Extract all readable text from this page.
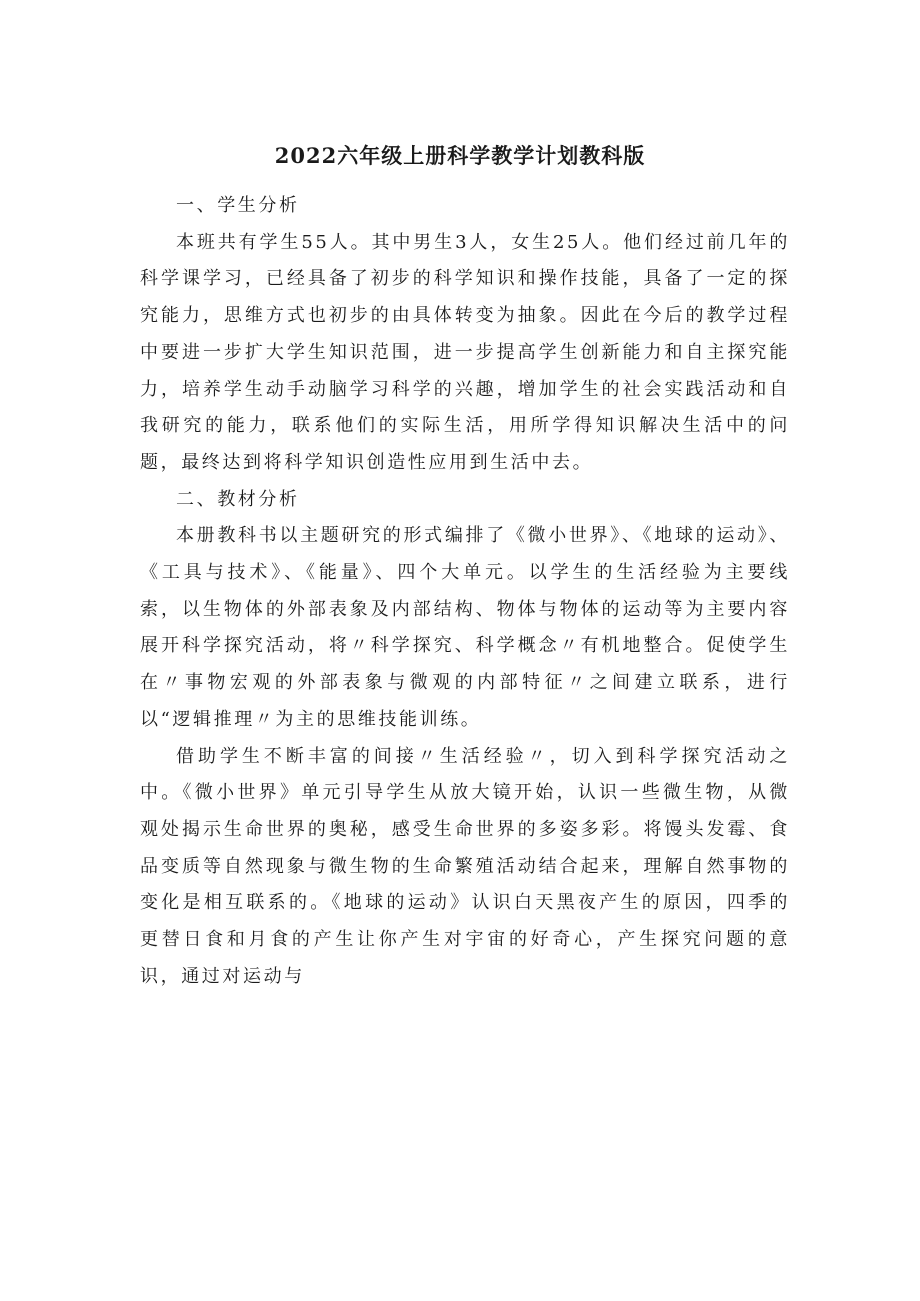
2022六年级上册科学教学计划教科版

一、学生分析

本班共有学生55人。其中男生3人，女生25人。他们经过前几年的科学课学习，已经具备了初步的科学知识和操作技能，具备了一定的探究能力，思维方式也初步的由具体转变为抽象。因此在今后的教学过程中要进一步扩大学生知识范围，进一步提高学生创新能力和自主探究能力，培养学生动手动脑学习科学的兴趣，增加学生的社会实践活动和自我研究的能力，联系他们的实际生活，用所学得知识解决生活中的问题，最终达到将科学知识创造性应用到生活中去。

二、教材分析

本册教科书以主题研究的形式编排了《微小世界》、《地球的运动》、《工具与技术》、《能量》、四个大单元。以学生的生活经验为主要线索，以生物体的外部表象及内部结构、物体与物体的运动等为主要内容展开科学探究活动，将〃科学探究、科学概念〃有机地整合。促使学生在〃事物宏观的外部表象与微观的内部特征〃之间建立联系，进行以“逻辑推理〃为主的思维技能训练。

借助学生不断丰富的间接〃生活经验〃，切入到科学探究活动之中。《微小世界》单元引导学生从放大镜开始，认识一些微生物，从微观处揭示生命世界的奥秘，感受生命世界的多姿多彩。将馒头发霉、食品变质等自然现象与微生物的生命繁殖活动结合起来，理解自然事物的变化是相互联系的。《地球的运动》认识白天黑夜产生的原因，四季的更替日食和月食的产生让你产生对宇宙的好奇心，产生探究问题的意识，通过对运动与
